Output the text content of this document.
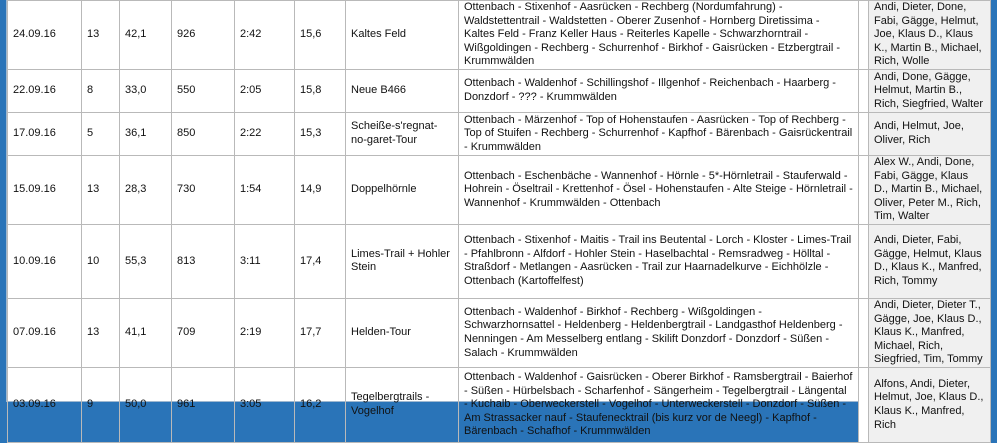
24.09.16	13	42,1	926	2:42	15,6	Kaltes Feld	Ottenbach - Stixenhof - Aasrücken - Rechberg (Nordumfahrung) - Waldstettentrail - Waldstetten - Oberer Zusenhof - Hornberg Diretissima - Kaltes Feld - Franz Keller Haus - Reiterles Kapelle - Schwarzhorntrail - Wißgoldingen - Rechberg - Schurrenhof - Birkhof - Gaisrücken - Etzbergtrail - Krummwälden		Andi, Dieter, Done, Fabi, Gägge, Helmut, Joe, Klaus D., Klaus K., Martin B., Michael, Rich, Wolle
22.09.16	8	33,0	550	2:05	15,8	Neue B466	Ottenbach - Waldenhof - Schillingshof - Illgenhof - Reichenbach - Haarberg - Donzdorf - ??? - Krummwälden		Andi, Done, Gägge, Helmut, Martin B., Rich, Siegfried, Walter
17.09.16	5	36,1	850	2:22	15,3	Scheiße-s'regnat-no-garet-Tour	Ottenbach - Märzenhof - Top of Hohenstaufen - Aasrücken - Top of Rechberg - Top of Stuifen - Rechberg - Schurrenhof - Kapfhof - Bärenbach - Gaisrückentrail - Krummwälden		Andi, Helmut, Joe, Oliver, Rich
15.09.16	13	28,3	730	1:54	14,9	Doppelhörnle	Ottenbach - Eschenbäche - Wannenhof - Hörnle - 5*-Hörnletrail - Stauferwald - Hohrein - Öseltrail - Krettenhof - Ösel - Hohenstaufen - Alte Steige - Hörnletrail - Wannenhof - Krummwälden - Ottenbach		Alex W., Andi, Done, Fabi, Gägge, Klaus D., Martin B., Michael, Oliver, Peter M., Rich, Tim, Walter
10.09.16	10	55,3	813	3:11	17,4	Limes-Trail + Hohler Stein	Ottenbach - Stixenhof - Maitis - Trail ins Beutental - Lorch - Kloster - Limes-Trail - Pfahlbronn - Alfdorf - Hohler Stein - Haselbachtal - Remsradweg - Hölltal - Straßdorf - Metlangen - Aasrücken - Trail zur Haarnadelkurve - Eichhölzle - Ottenbach (Kartoffelfest)		Andi, Dieter, Fabi, Gägge, Helmut, Klaus D., Klaus K., Manfred, Rich, Tommy
07.09.16	13	41,1	709	2:19	17,7	Helden-Tour	Ottenbach - Waldenhof - Birkhof - Rechberg - Wißgoldingen - Schwarzhornsattel - Heldenberg - Heldenbergtrail - Landgasthof Heldenberg - Nenningen - Am Messelberg entlang - Skilift Donzdorf - Donzdorf - Süßen - Salach - Krummwälden		Andi, Dieter, Dieter T., Gägge, Joe, Klaus D., Klaus K., Manfred, Michael, Rich, Siegfried, Tim, Tommy
03.09.16	9	50,0	961	3:05	16,2	Tegelbergtrails - Vogelhof	Ottenbach - Waldenhof - Gaisrücken - Oberer Birkhof - Ramsbergtrail - Baierhof - Süßen - Hürbelsbach - Scharfenhof - Sängerheim - Tegelbergtrail - Längental - Kuchalb - Oberweckerstell - Vogelhof - Unterweckerstell - Donzdorf - Süßen - Am Strassacker nauf - Staufenecktrail (bis kurz vor de Neegl) - Kapfhof - Bärenbach - Schafhof - Krummwälden		Alfons, Andi, Dieter, Helmut, Joe, Klaus D., Klaus K., Manfred, Rich
